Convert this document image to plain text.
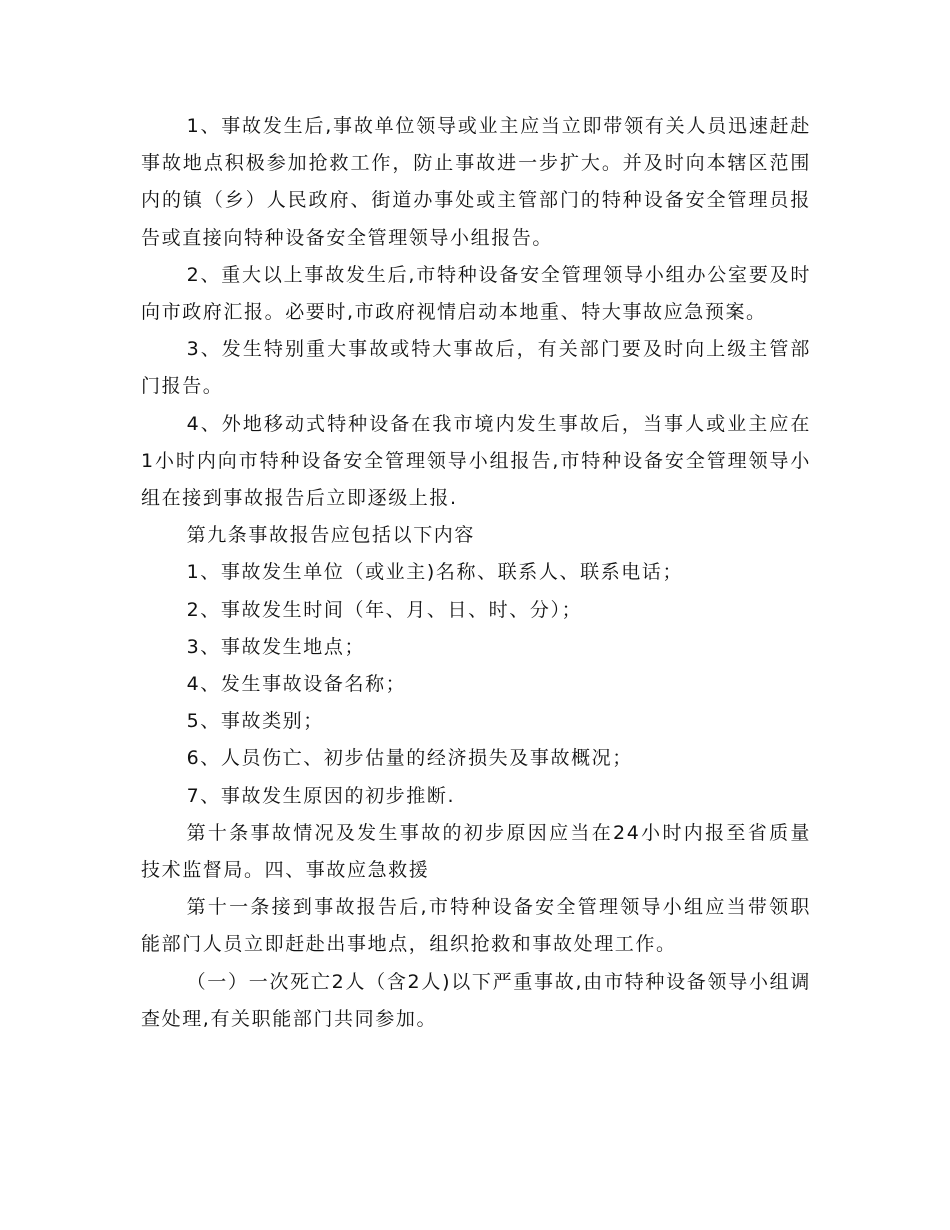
1、事故发生后,事故单位领导或业主应当立即带领有关人员迅速赶赴事故地点积极参加抢救工作，防止事故进一步扩大。并及时向本辖区范围内的镇（乡）人民政府、街道办事处或主管部门的特种设备安全管理员报告或直接向特种设备安全管理领导小组报告。

2、重大以上事故发生后,市特种设备安全管理领导小组办公室要及时向市政府汇报。必要时,市政府视情启动本地重、特大事故应急预案。

3、发生特别重大事故或特大事故后，有关部门要及时向上级主管部门报告。

4、外地移动式特种设备在我市境内发生事故后，当事人或业主应在1小时内向市特种设备安全管理领导小组报告,市特种设备安全管理领导小组在接到事故报告后立即逐级上报.

第九条事故报告应包括以下内容

1、事故发生单位（或业主)名称、联系人、联系电话；

2、事故发生时间（年、月、日、时、分）；

3、事故发生地点；

4、发生事故设备名称；

5、事故类别；

6、人员伤亡、初步估量的经济损失及事故概况；

7、事故发生原因的初步推断.

第十条事故情况及发生事故的初步原因应当在24小时内报至省质量技术监督局。四、事故应急救援

第十一条接到事故报告后,市特种设备安全管理领导小组应当带领职能部门人员立即赶赴出事地点，组织抢救和事故处理工作。

（一）一次死亡2人（含2人)以下严重事故,由市特种设备领导小组调查处理,有关职能部门共同参加。
